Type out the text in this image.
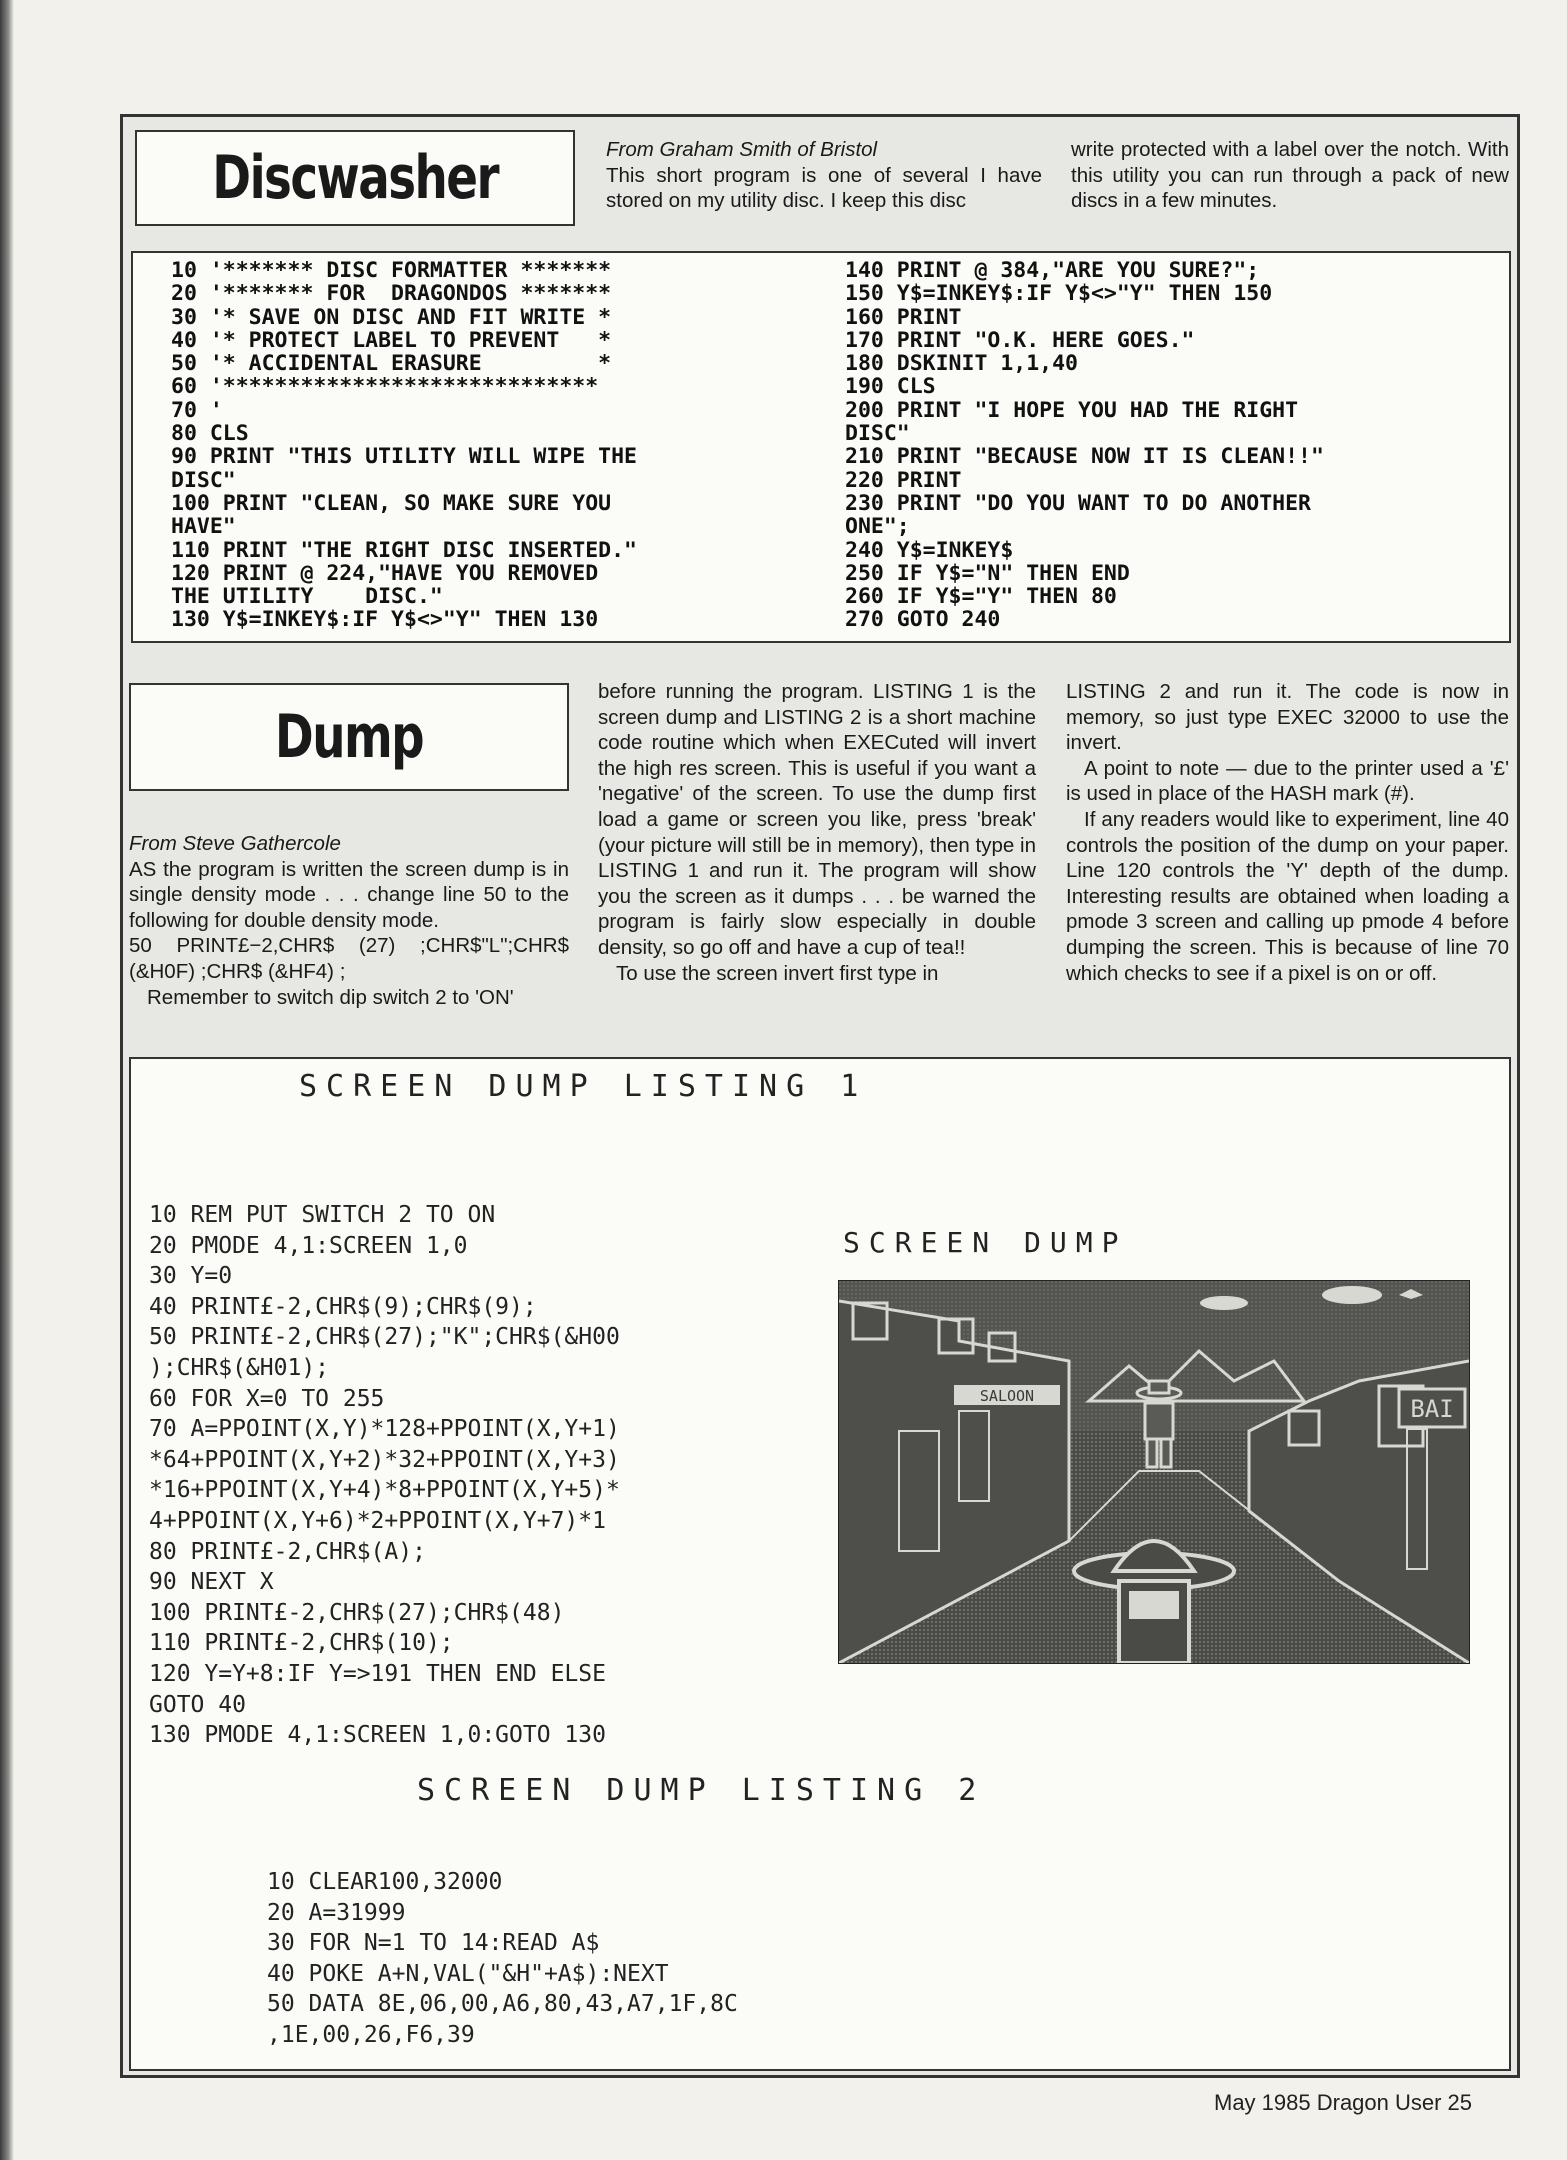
Discwasher	From Graham Smith of Bristol

This short program is one of several I have stored on my utility disc. I keep this disc

write protected with a label over the notch. With this utility you can run through a pack of new discs in a few minutes.

10 '******* DISC FORMATTER *******
20 '******* FOR  DRAGONDOS *******
30 '* SAVE ON DISC AND FIT WRITE *
40 '* PROTECT LABEL TO PREVENT   *
50 '* ACCIDENTAL ERASURE         *
60 '*****************************
70 '
80 CLS
90 PRINT "THIS UTILITY WILL WIPE THE
DISC"
100 PRINT "CLEAN, SO MAKE SURE YOU
HAVE"
110 PRINT "THE RIGHT DISC INSERTED."
120 PRINT @ 224,"HAVE YOU REMOVED
THE UTILITY    DISC."
130 Y$=INKEY$:IF Y$<>"Y" THEN 130
140 PRINT @ 384,"ARE YOU SURE?";
150 Y$=INKEY$:IF Y$<>"Y" THEN 150
160 PRINT
170 PRINT "O.K. HERE GOES."
180 DSKINIT 1,1,40
190 CLS
200 PRINT "I HOPE YOU HAD THE RIGHT
DISC"
210 PRINT "BECAUSE NOW IT IS CLEAN!!"
220 PRINT
230 PRINT "DO YOU WANT TO DO ANOTHER
ONE";
240 Y$=INKEY$
250 IF Y$="N" THEN END
260 IF Y$="Y" THEN 80
270 GOTO 240
Dump

From Steve Gathercole

AS the program is written the screen dump is in single density mode . . . change line 50 to the following for double density mode.

50 PRINT£−2,CHR$ (27) ;CHR$"L";CHR$ (&H0F) ;CHR$ (&HF4) ;

Remember to switch dip switch 2 to 'ON'

before running the program. LISTING 1 is the screen dump and LISTING 2 is a short machine code routine which when EXECuted will invert the high res screen. This is useful if you want a 'negative' of the screen. To use the dump first load a game or screen you like, press 'break' (your picture will still be in memory), then type in LISTING 1 and run it. The program will show you the screen as it dumps . . . be warned the program is fairly slow especially in double density, so go off and have a cup of tea!!

To use the screen invert first type in

LISTING 2 and run it. The code is now in memory, so just type EXEC 32000 to use the invert.

A point to note — due to the printer used a '£' is used in place of the HASH mark (#).

If any readers would like to experiment, line 40 controls the position of the dump on your paper. Line 120 controls the 'Y' depth of the dump. Interesting results are obtained when loading a pmode 3 screen and calling up pmode 4 before dumping the screen. This is because of line 70 which checks to see if a pixel is on or off.

SCREEN DUMP LISTING 1
10 REM PUT SWITCH 2 TO ON
20 PMODE 4,1:SCREEN 1,0
30 Y=0
40 PRINT£-2,CHR$(9);CHR$(9);
50 PRINT£-2,CHR$(27);"K";CHR$(&H00
);CHR$(&H01);
60 FOR X=0 TO 255
70 A=PPOINT(X,Y)*128+PPOINT(X,Y+1)
*64+PPOINT(X,Y+2)*32+PPOINT(X,Y+3)
*16+PPOINT(X,Y+4)*8+PPOINT(X,Y+5)*
4+PPOINT(X,Y+6)*2+PPOINT(X,Y+7)*1
80 PRINT£-2,CHR$(A);
90 NEXT X
100 PRINT£-2,CHR$(27);CHR$(48)
110 PRINT£-2,CHR$(10);
120 Y=Y+8:IF Y=>191 THEN END ELSE
GOTO 40
130 PMODE 4,1:SCREEN 1,0:GOTO 130
SCREEN DUMP
SCREEN DUMP LISTING 2
10 CLEAR100,32000
20 A=31999
30 FOR N=1 TO 14:READ A$
40 POKE A+N,VAL("&H"+A$):NEXT
50 DATA 8E,06,00,A6,80,43,A7,1F,8C
,1E,00,26,F6,39
SALOON	BAI
May 1985 Dragon User 25
